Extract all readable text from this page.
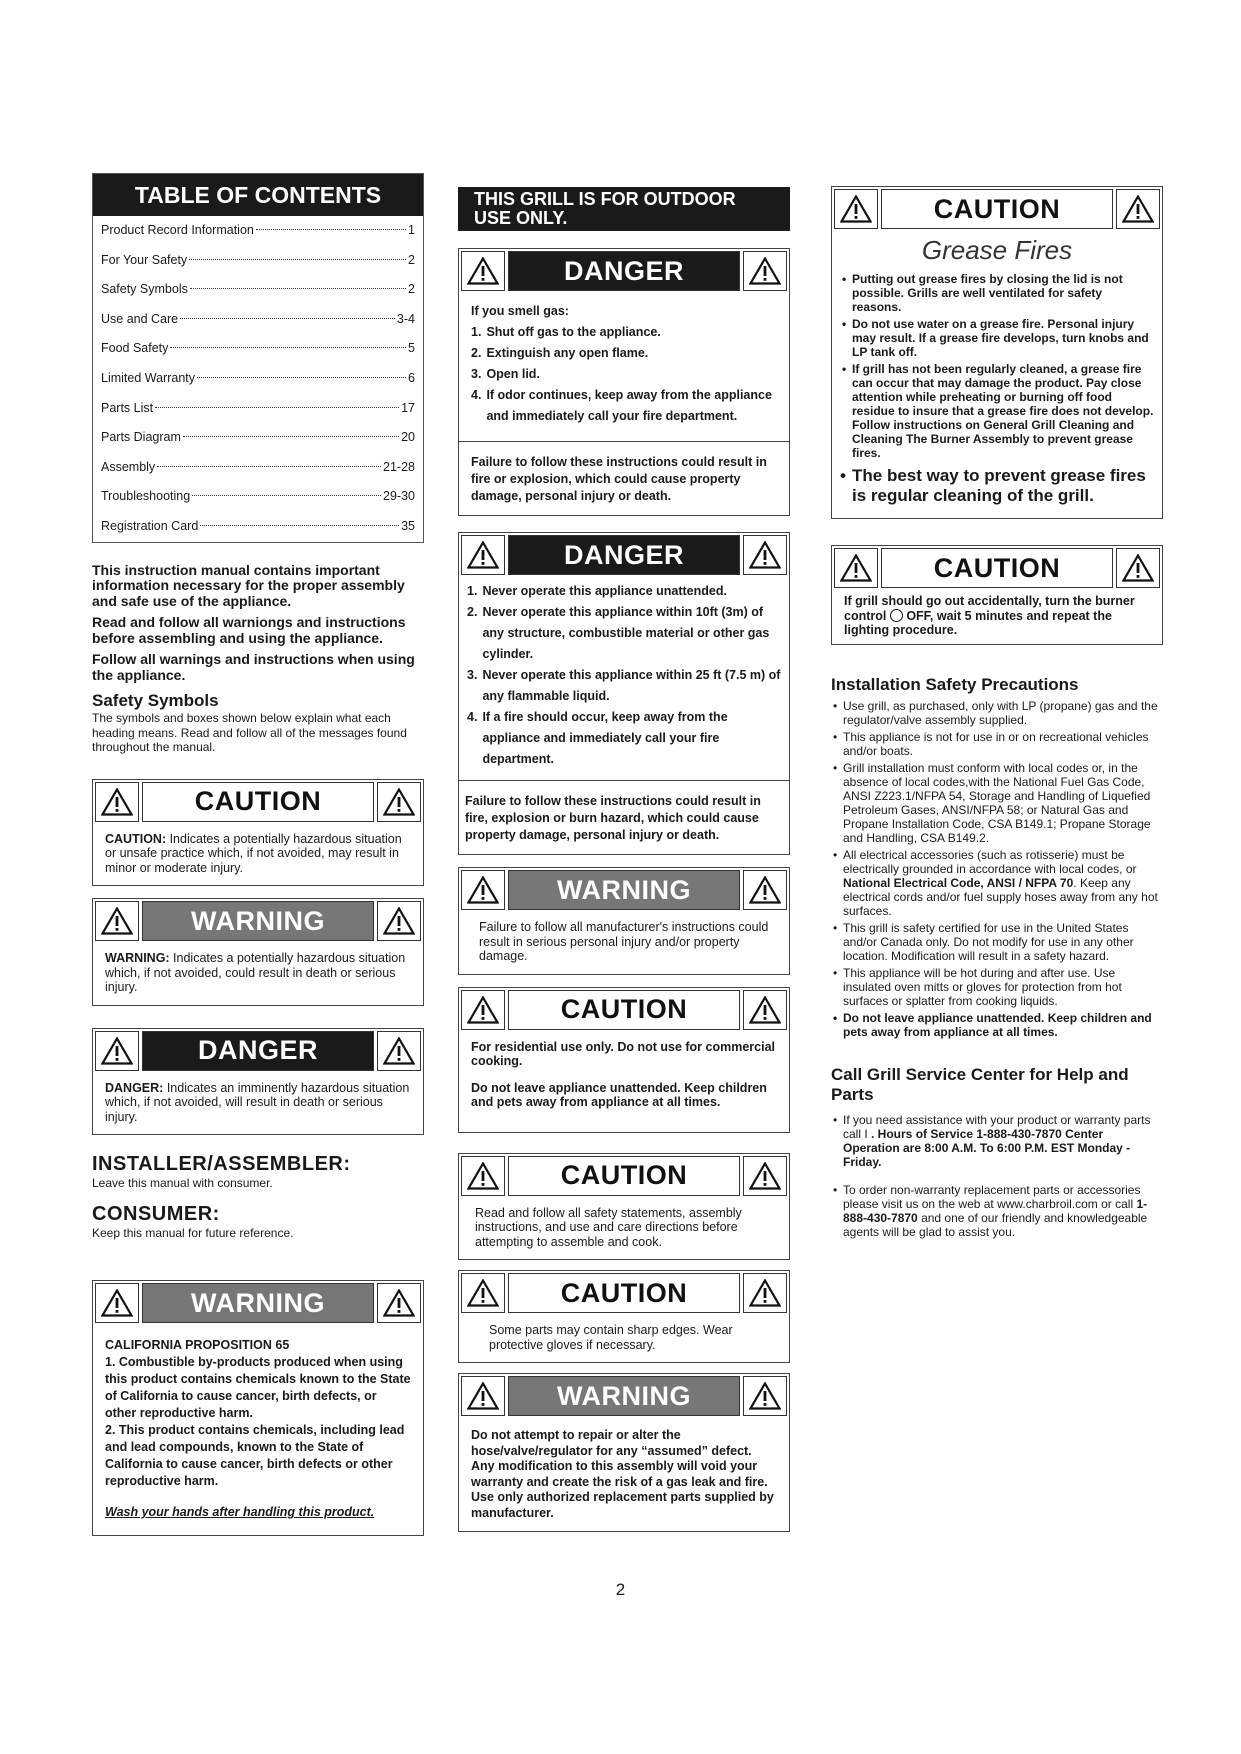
TABLE OF CONTENTS
Product Record Information	1
For Your Safety	2
Safety Symbols	2
Use and Care	3-4
Food Safety	5
Limited Warranty	6
Parts List	17
Parts Diagram	20
Assembly	21-28
Troubleshooting	29-30
Registration Card	35

This instruction manual contains important information necessary for the proper assembly and safe use of the appliance.

Read and follow all warniongs and instructions before assembling and using the appliance.

Follow all warnings and instructions when using the appliance.

Safety Symbols

The symbols and boxes shown below explain what each heading means. Read and follow all of the messages found throughout the manual.

CAUTION
CAUTION: Indicates a potentially hazardous situation or unsafe practice which, if not avoided, may result in minor or moderate injury.
WARNING
WARNING: Indicates a potentially hazardous situation which, if not avoided, could result in death or serious injury.
DANGER
DANGER: Indicates an imminently hazardous situation which, if not avoided, will result in death or serious injury.
INSTALLER/ASSEMBLER:

Leave this manual with consumer.

CONSUMER:

Keep this manual for future reference.

WARNING

CALIFORNIA PROPOSITION 65

1. Combustible by-products produced when using this product contains chemicals known to the State of California to cause cancer, birth defects, or other reproductive harm.

2. This product contains chemicals, including lead and lead compounds, known to the State of California to cause cancer, birth defects or other reproductive harm.

Wash your hands after handling this product.

THIS GRILL IS FOR OUTDOOR USE ONLY.
DANGER

If you smell gas:

1. Shut off gas to the appliance.
2. Extinguish any open flame.
3. Open lid.
4. If odor continues, keep away from the appliance and immediately call your fire department.
Failure to follow these instructions could result in fire or explosion, which could cause property damage, personal injury or death.
DANGER
1. Never operate this appliance unattended.
2. Never operate this appliance within 10ft (3m) of any structure, combustible material or other gas cylinder.
3. Never operate this appliance within 25 ft (7.5 m) of any flammable liquid.
4. If a fire should occur, keep away from the appliance and immediately call your fire department.
Failure to follow these instructions could result in fire, explosion or burn hazard, which could cause property damage, personal injury or death.
WARNING
Failure to follow all manufacturer's instructions could result in serious personal injury and/or property damage.
CAUTION

For residential use only. Do not use for commercial cooking.

Do not leave appliance unattended. Keep children and pets away from appliance at all times.

CAUTION
Read and follow all safety statements, assembly instructions, and use and care directions before attempting to assemble and cook.
CAUTION
Some parts may contain sharp edges. Wear protective gloves if necessary.
WARNING
Do not attempt to repair or alter the hose/valve/regulator for any “assumed” defect. Any modification to this assembly will void your warranty and create the risk of a gas leak and fire. Use only authorized replacement parts supplied by manufacturer.
CAUTION
Grease Fires
• Putting out grease fires by closing the lid is not possible. Grills are well ventilated for safety reasons.
• Do not use water on a grease fire. Personal injury may result. If a grease fire develops, turn knobs and LP tank off.
• If grill has not been regularly cleaned, a grease fire can occur that may damage the product. Pay close attention while preheating or burning off food residue to insure that a grease fire does not develop. Follow instructions on General Grill Cleaning and Cleaning The Burner Assembly to prevent grease fires.

• The best way to prevent grease fires is regular cleaning of the grill.

CAUTION
If grill should go out accidentally, turn the burner control  OFF, wait 5 minutes and repeat the lighting procedure.
Installation Safety Precautions
• Use grill, as purchased, only with LP (propane) gas and the regulator/valve assembly supplied.
• This appliance is not for use in or on recreational vehicles and/or boats.
• Grill installation must conform with local codes or, in the absence of local codes,with the National Fuel Gas Code, ANSI Z223.1/NFPA 54, Storage and Handling of Liquefied Petroleum Gases, ANSI/NFPA 58; or Natural Gas and Propane Installation Code, CSA B149.1; Propane Storage and Handling, CSA B149.2.
• All electrical accessories (such as rotisserie) must be electrically grounded in accordance with local codes, or National Electrical Code, ANSI / NFPA 70. Keep any electrical cords and/or fuel supply hoses away from any hot surfaces.
• This grill is safety certified for use in the United States and/or Canada only. Do not modify for use in any other location. Modification will result in a safety hazard.
• This appliance will be hot during and after use. Use insulated oven mitts or gloves for protection from hot surfaces or splatter from cooking liquids.
• Do not leave appliance unattended. Keep children and pets away from appliance at all times.
Call Grill Service Center for Help and Parts
• If you need assistance with your product or warranty parts call I . Hours of Service 1-888-430-7870 Center Operation are 8:00 A.M. To 6:00 P.M. EST Monday - Friday.
• To order non-warranty replacement parts or accessories please visit us on the web at www.charbroil.com or call 1-888-430-7870 and one of our friendly and knowledgeable agents will be glad to assist you.
2
